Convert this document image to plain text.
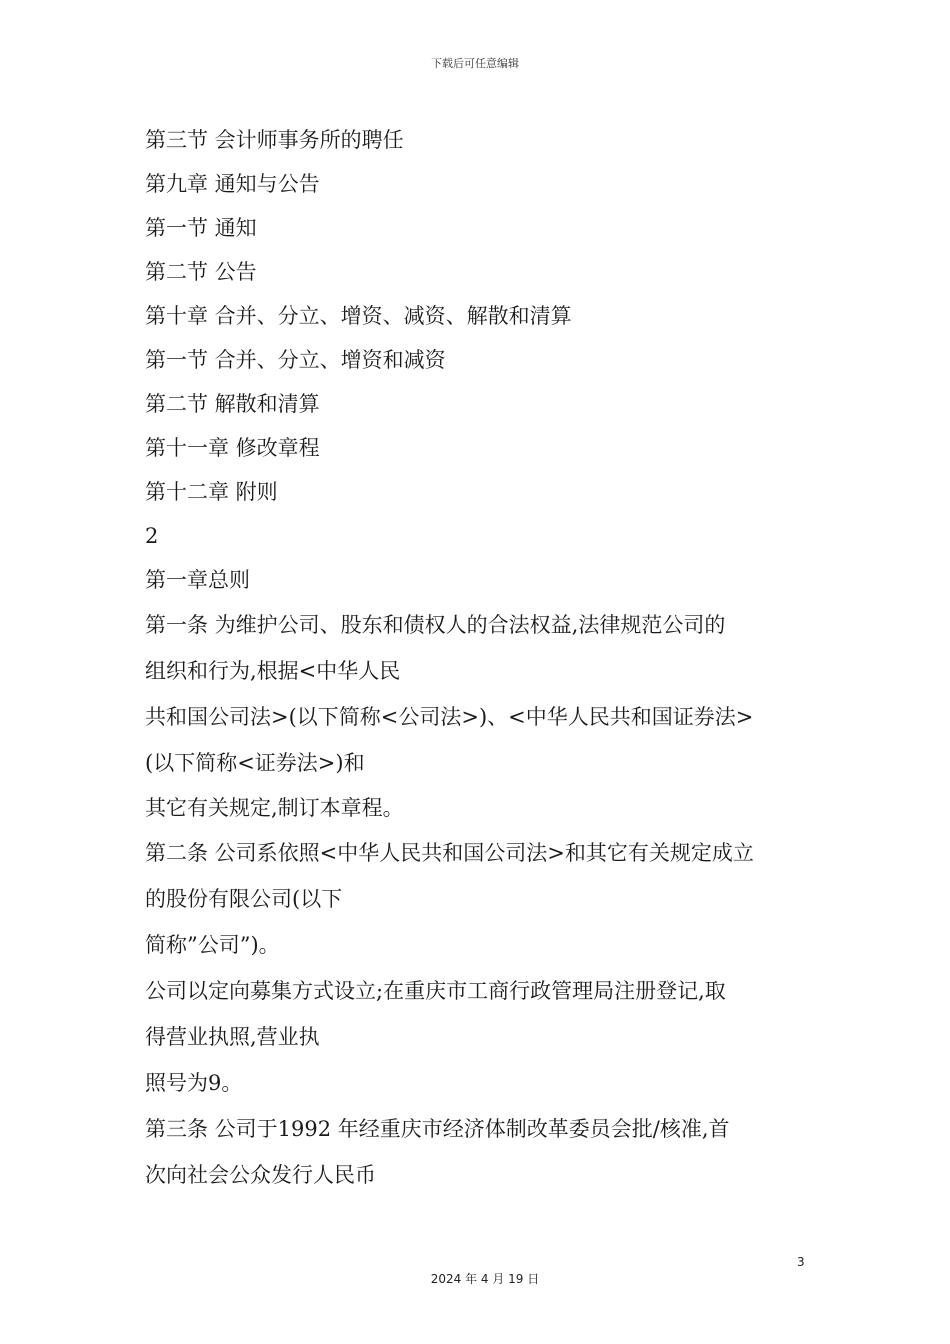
下载后可任意编辑
第三节 会计师事务所的聘任
第九章 通知与公告
第一节 通知
第二节 公告
第十章 合并、分立、增资、减资、解散和清算
第一节 合并、分立、增资和减资
第二节 解散和清算
第十一章 修改章程
第十二章 附则
2
第一章总则
第一条 为维护公司、股东和债权人的合法权益,法律规范公司的
组织和行为,根据<中华人民
共和国公司法>(以下简称<公司法>)、<中华人民共和国证券法>
(以下简称<证券法>)和
其它有关规定,制订本章程。
第二条 公司系依照<中华人民共和国公司法>和其它有关规定成立
的股份有限公司(以下
简称”公司”)。
公司以定向募集方式设立;在重庆市工商行政管理局注册登记,取
得营业执照,营业执
照号为9。
第三条 公司于1992 年经重庆市经济体制改革委员会批/核准,首
次向社会公众发行人民币
3
2024 年 4 月 19 日
